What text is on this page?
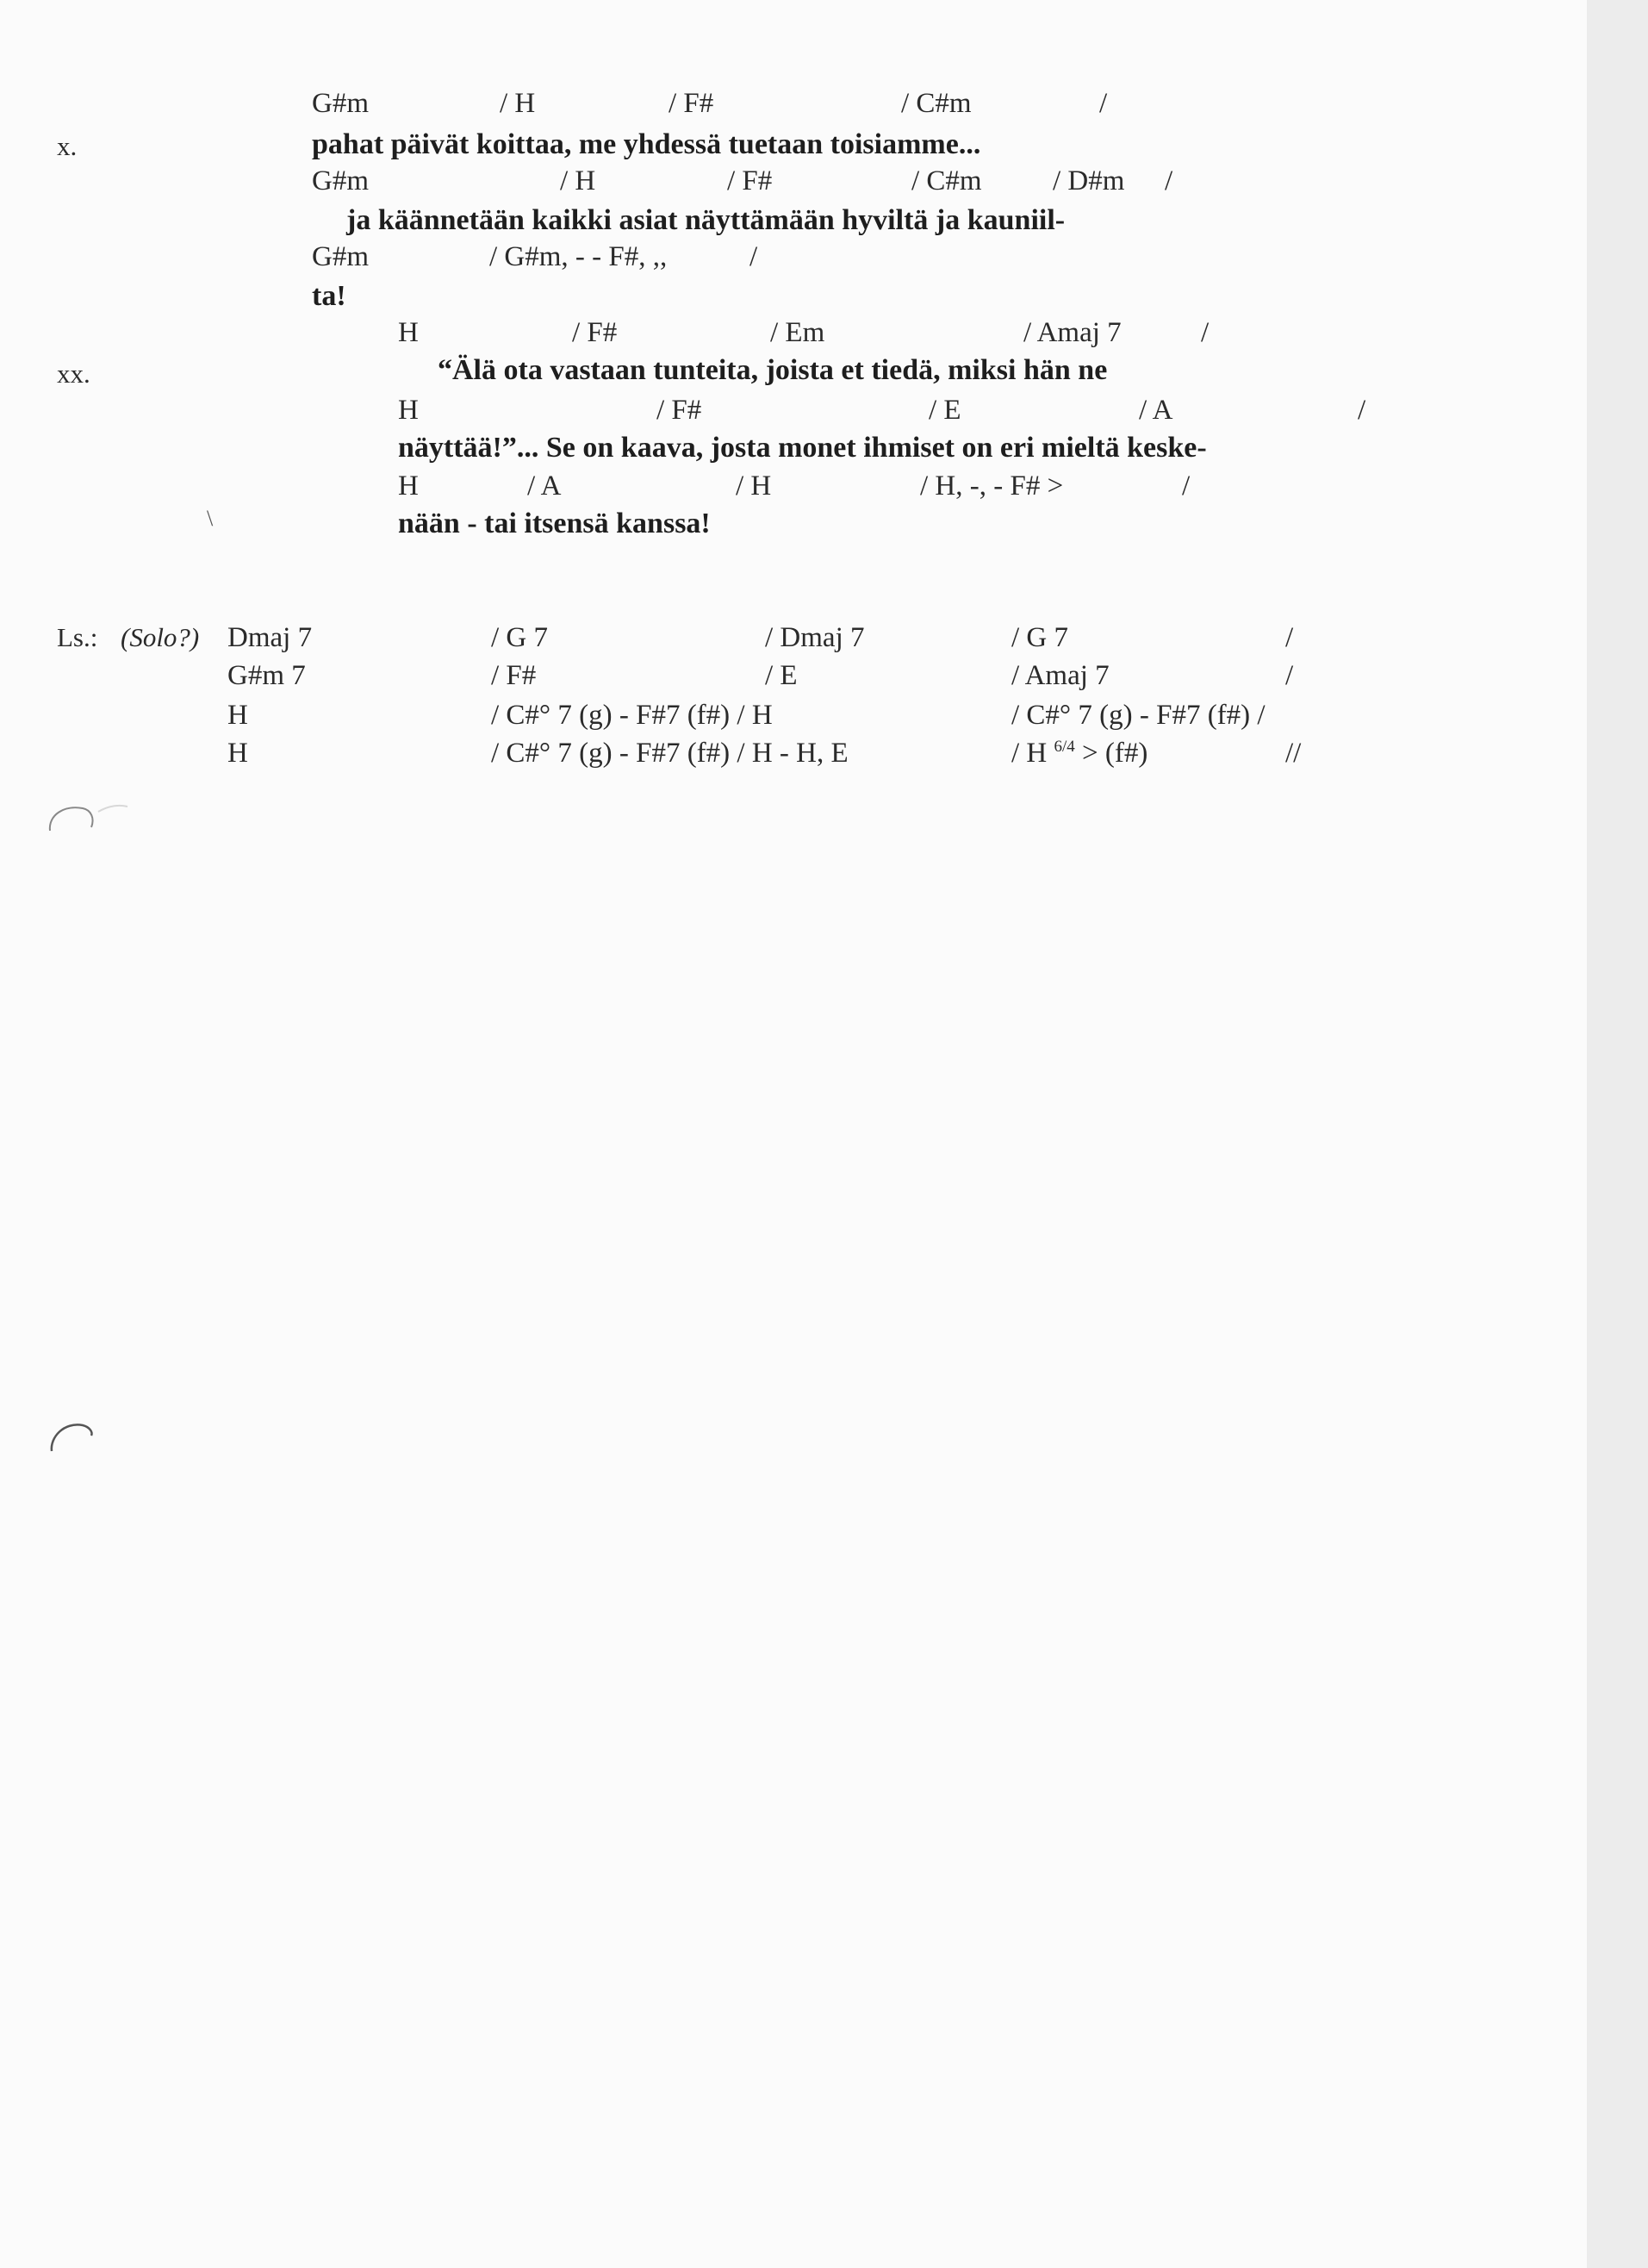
x.
G#m	/ H	/ F#	/ C#m	/
pahat päivät koittaa, me yhdessä tuetaan toisiamme...
G#m	/ H	/ F#	/ C#m / D#m /
ja käännetään kaikki asiat näyttämään hyviltä ja kauniil-
G#m	/ G#m, - - F#, ,,	/
ta!
xx.
H	/ F#	/ Em	/ Amaj 7	/
“Älä ota vastaan tunteita, joista et tiedä, miksi hän ne
H	/ F#	/ E	/ A	/
näyttää!”... Se on kaava, josta monet ihmiset on eri mieltä keske-
H	/ A	/ H	/ H, -, - F# >	/
nään - tai itsensä kanssa!
\
Ls.: (Solo?) Dmaj 7	/ G 7	/ Dmaj 7	/ G 7	/
G#m 7	/ F#	/ E	/ Amaj 7	/
H	/ C#° 7 (g) - F#7 (f#) / H	/ C#° 7 (g) - F#7 (f#) /
H	/ C#° 7 (g) - F#7 (f#) / H - H, E	/ H $^{6/4}$ > (f#)	//
